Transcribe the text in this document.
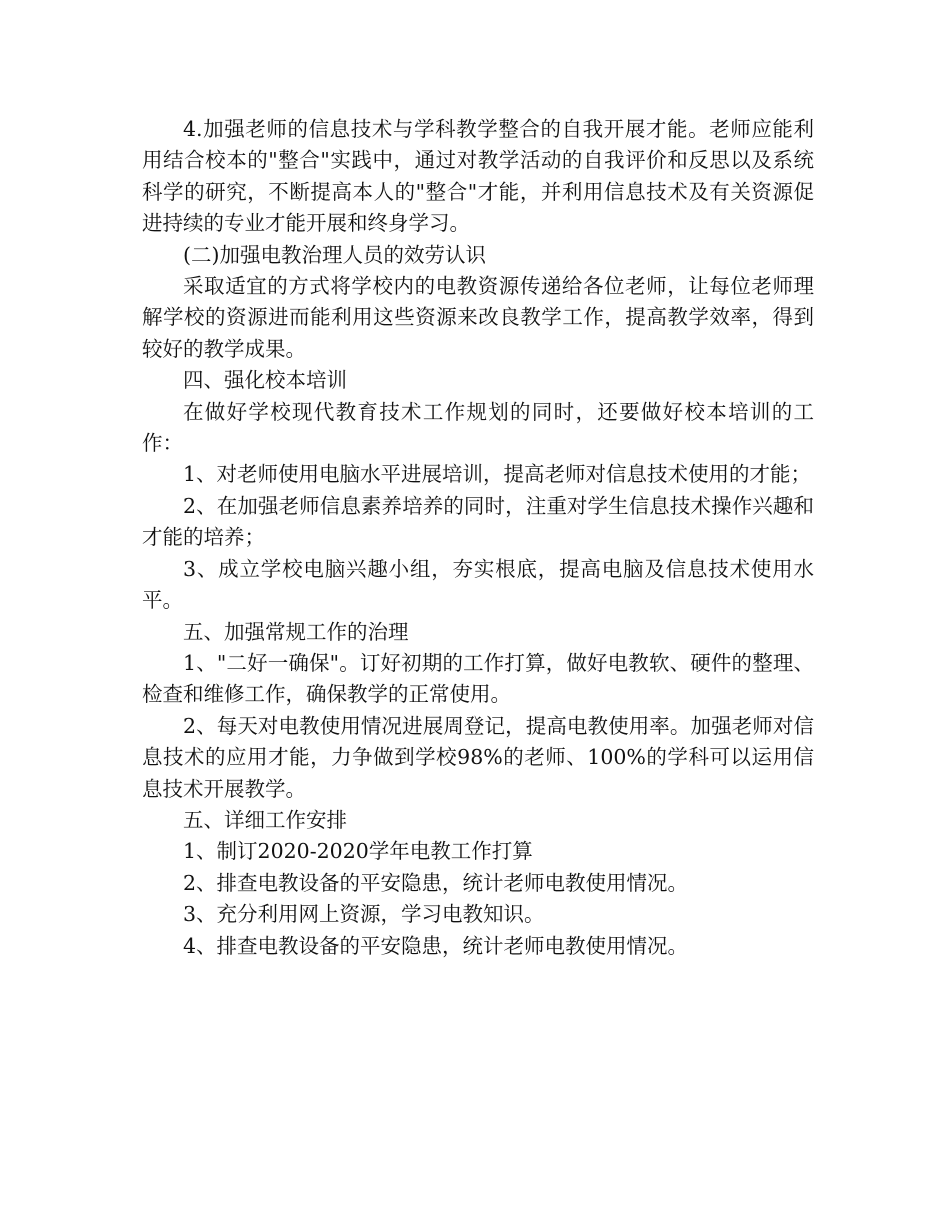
4.加强老师的信息技术与学科教学整合的自我开展才能。老师应能利用结合校本的"整合"实践中，通过对教学活动的自我评价和反思以及系统科学的研究，不断提高本人的"整合"才能，并利用信息技术及有关资源促进持续的专业才能开展和终身学习。

(二)加强电教治理人员的效劳认识

采取适宜的方式将学校内的电教资源传递给各位老师，让每位老师理解学校的资源进而能利用这些资源来改良教学工作，提高教学效率，得到较好的教学成果。

四、强化校本培训

在做好学校现代教育技术工作规划的同时，还要做好校本培训的工作：

1、对老师使用电脑水平进展培训，提高老师对信息技术使用的才能；

2、在加强老师信息素养培养的同时，注重对学生信息技术操作兴趣和才能的培养；

3、成立学校电脑兴趣小组，夯实根底，提高电脑及信息技术使用水平。

五、加强常规工作的治理

1、"二好一确保"。订好初期的工作打算，做好电教软、硬件的整理、检查和维修工作，确保教学的正常使用。

2、每天对电教使用情况进展周登记，提高电教使用率。加强老师对信息技术的应用才能，力争做到学校98%的老师、100%的学科可以运用信息技术开展教学。

五、详细工作安排

1、制订2020-2020学年电教工作打算

2、排查电教设备的平安隐患，统计老师电教使用情况。

3、充分利用网上资源，学习电教知识。

4、排查电教设备的平安隐患，统计老师电教使用情况。
